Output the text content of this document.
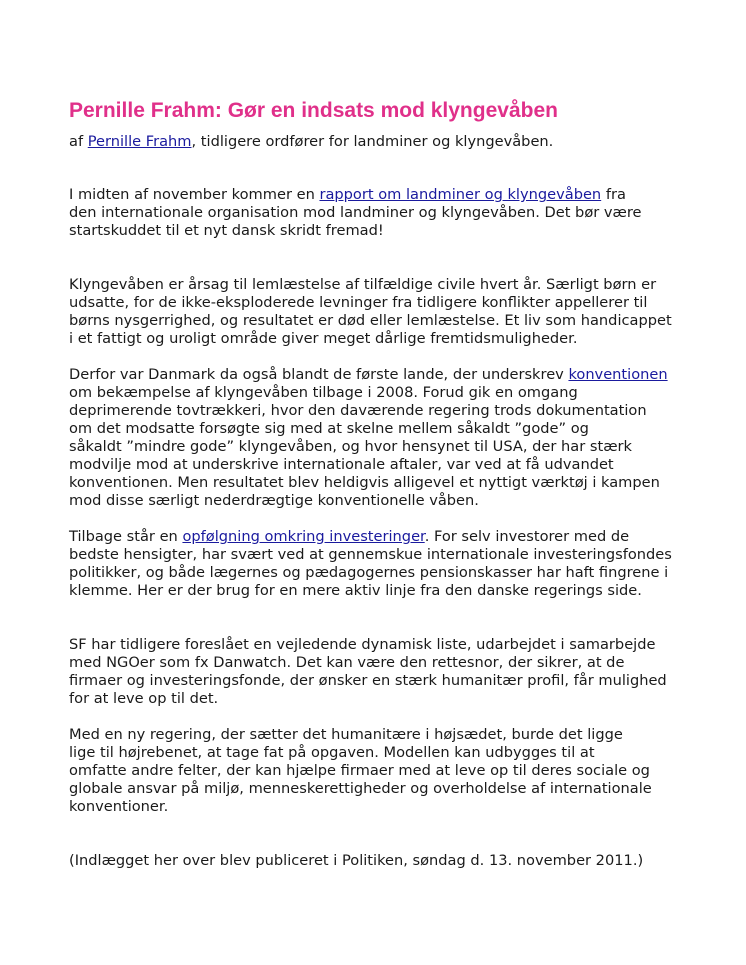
Pernille Frahm: Gør en indsats mod klyngevåben
af Pernille Frahm, tidligere ordfører for landminer og klyngevåben.

I midten af november kommer en rapport om landminer og klyngevåben fra
den internationale organisation mod landminer og klyngevåben. Det bør være
startskuddet til et nyt dansk skridt fremad!

Klyngevåben er årsag til lemlæstelse af tilfældige civile hvert år. Særligt børn er
udsatte, for de ikke-eksploderede levninger fra tidligere konflikter appellerer til
børns nysgerrighed, og resultatet er død eller lemlæstelse. Et liv som handicappet
i et fattigt og uroligt område giver meget dårlige fremtidsmuligheder.

Derfor var Danmark da også blandt de første lande, der underskrev konventionen
om bekæmpelse af klyngevåben tilbage i 2008. Forud gik en omgang
deprimerende tovtrækkeri, hvor den daværende regering trods dokumentation
om det modsatte forsøgte sig med at skelne mellem såkaldt ”gode” og
såkaldt ”mindre gode” klyngevåben, og hvor hensynet til USA, der har stærk
modvilje mod at underskrive internationale aftaler, var ved at få udvandet
konventionen. Men resultatet blev heldigvis alligevel et nyttigt værktøj i kampen
mod disse særligt nederdrægtige konventionelle våben.

Tilbage står en opfølgning omkring investeringer. For selv investorer med de
bedste hensigter, har svært ved at gennemskue internationale investeringsfondes
politikker, og både lægernes og pædagogernes pensionskasser har haft fingrene i
klemme. Her er der brug for en mere aktiv linje fra den danske regerings side.

SF har tidligere foreslået en vejledende dynamisk liste, udarbejdet i samarbejde
med NGOer som fx Danwatch. Det kan være den rettesnor, der sikrer, at de
firmaer og investeringsfonde, der ønsker en stærk humanitær profil, får mulighed
for at leve op til det.

Med en ny regering, der sætter det humanitære i højsædet, burde det ligge
lige til højrebenet, at tage fat på opgaven. Modellen kan udbygges til at
omfatte andre felter, der kan hjælpe firmaer med at leve op til deres sociale og
globale ansvar på miljø, menneskerettigheder og overholdelse af internationale
konventioner.

(Indlægget her over blev publiceret i Politiken, søndag d. 13. november 2011.)
